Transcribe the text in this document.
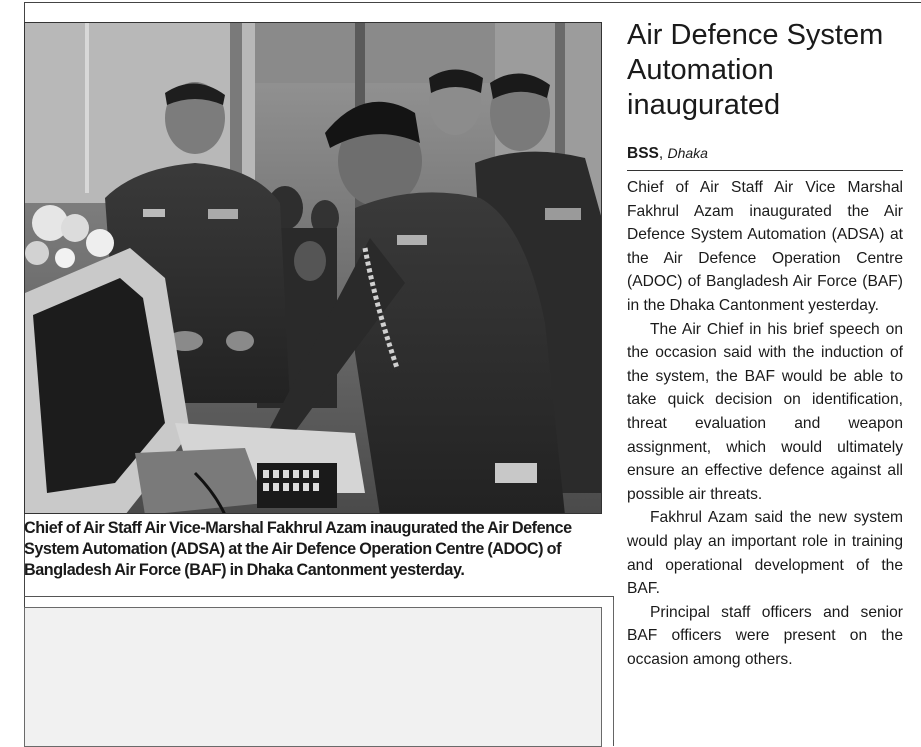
Chief of Air Staff Air Vice-Marshal Fakhrul Azam inaugurated the Air Defence System Automation (ADSA) at the Air Defence Operation Centre (ADOC) of Bangladesh Air Force (BAF) in Dhaka Cantonment yesterday.
Air Defence System Automation inaugurated
BSS, Dhaka

Chief of Air Staff Air Vice Marshal Fakhrul Azam inaugurated the Air Defence System Automation (ADSA) at the Air Defence Operation Centre (ADOC) of Bangladesh Air Force (BAF) in the Dhaka Cantonment yesterday.

The Air Chief in his brief speech on the occasion said with the induction of the system, the BAF would be able to take quick decision on identification, threat evaluation and weapon assignment, which would ultimately ensure an effective defence against all possible air threats.

Fakhrul Azam said the new system would play an important role in training and operational development of the BAF.

Principal staff officers and senior BAF officers were present on the occasion among others.
